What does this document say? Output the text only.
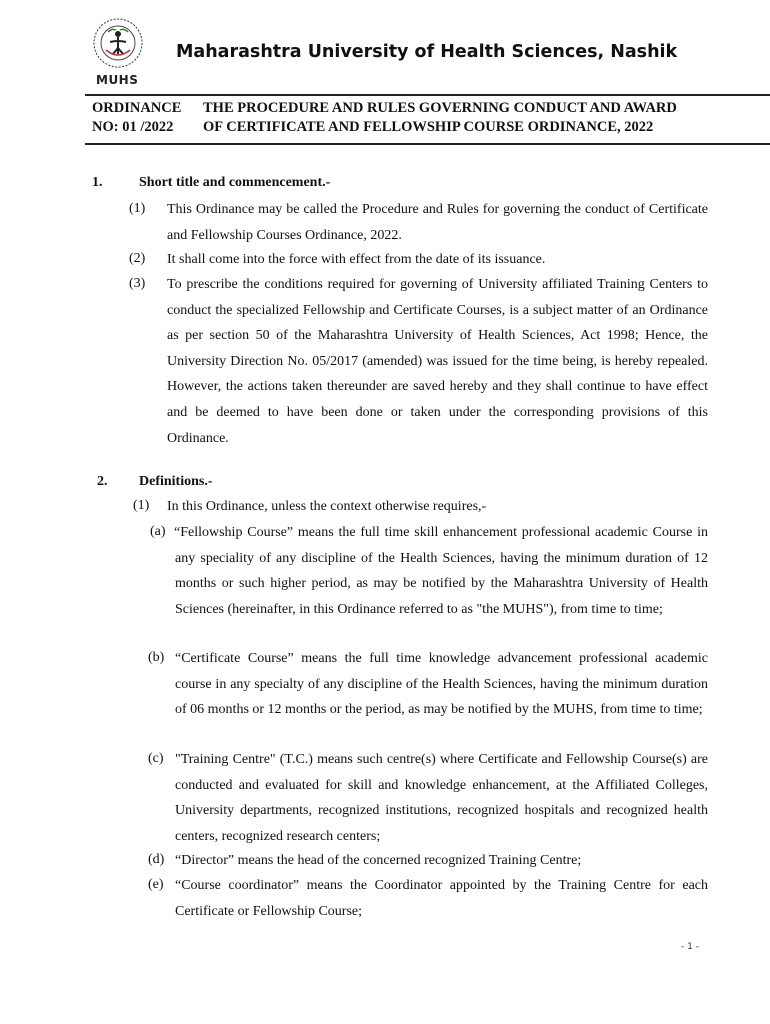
MUHS
Maharashtra University of Health Sciences, Nashik
ORDINANCE
NO: 01 /2022
THE PROCEDURE AND RULES GOVERNING CONDUCT AND AWARD
OF CERTIFICATE AND FELLOWSHIP COURSE ORDINANCE, 2022
1.	Short title and commencement.-
(1) This Ordinance may be called the Procedure and Rules for governing the conduct of Certificate and Fellowship Courses Ordinance, 2022.
(2) It shall come into the force with effect from the date of its issuance.
(3) To prescribe the conditions required for governing of University affiliated Training Centers to conduct the specialized Fellowship and Certificate Courses, is a subject matter of an Ordinance as per section 50 of the Maharashtra University of Health Sciences, Act 1998; Hence, the University Direction No. 05/2017 (amended) was issued for the time being, is hereby repealed. However, the actions taken thereunder are saved hereby and they shall continue to have effect and be deemed to have been done or taken under the corresponding provisions of this Ordinance.
2. Definitions.-
(1) In this Ordinance, unless the context otherwise requires,-
(a) “Fellowship Course” means the full time skill enhancement professional academic Course in any speciality of any discipline of the Health Sciences, having the minimum duration of 12 months or such higher period, as may be notified by the Maharashtra University of Health Sciences (hereinafter, in this Ordinance referred to as "the MUHS"), from time to time;
(b) “Certificate Course” means the full time knowledge advancement professional academic course in any specialty of any discipline of the Health Sciences, having the minimum duration of 06 months or 12 months or the period, as may be notified by the MUHS, from time to time;
(c) "Training Centre" (T.C.) means such centre(s) where Certificate and Fellowship Course(s) are conducted and evaluated for skill and knowledge enhancement, at the Affiliated Colleges, University departments, recognized institutions, recognized hospitals and recognized health centers, recognized research centers;
(d) “Director” means the head of the concerned recognized Training Centre;
(e) “Course coordinator” means the Coordinator appointed by the Training Centre for each Certificate or Fellowship Course;
- 1 -
